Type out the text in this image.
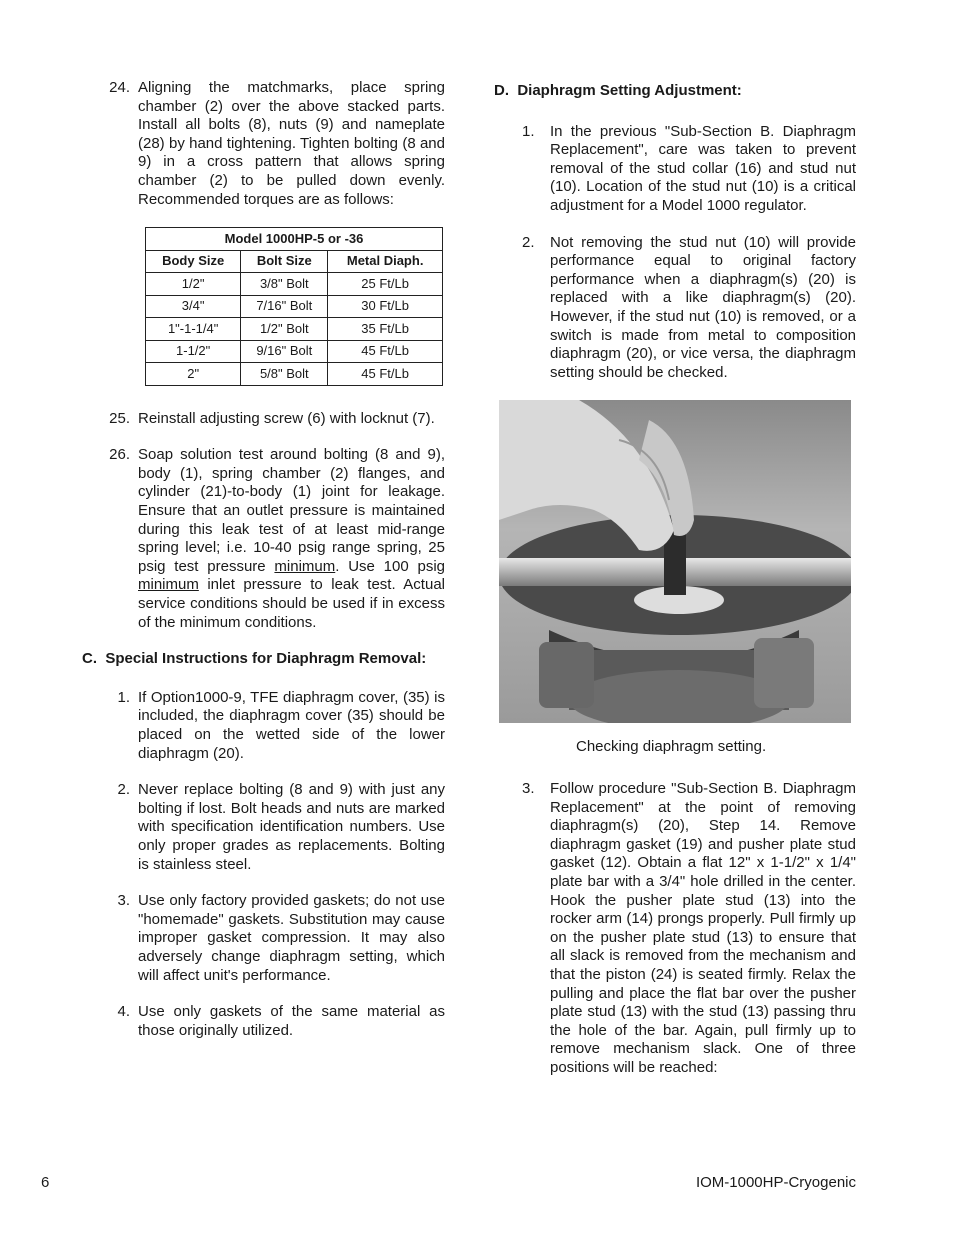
24. Aligning the matchmarks, place spring chamber (2) over the above stacked parts. Install all bolts (8), nuts (9) and nameplate (28) by hand tightening. Tighten bolting (8 and 9) in a cross pattern that allows spring chamber (2) to be pulled down evenly. Recommended torques are as follows:

Model 1000HP-5 or -36		
Body Size	Bolt Size	Metal Diaph.
1/2"	3/8" Bolt	25 Ft/Lb
3/4"	7/16" Bolt	30 Ft/Lb
1"-1-1/4"	1/2" Bolt	35 Ft/Lb
1-1/2"	9/16" Bolt	45 Ft/Lb
2"	5/8" Bolt	45 Ft/Lb
25. Reinstall adjusting screw (6) with locknut (7).

26. Soap solution test around bolting (8 and 9), body (1), spring chamber (2) flanges, and cylinder (21)-to-body (1) joint for leakage. Ensure that an outlet pressure is maintained during this leak test of at least mid-range spring level; i.e. 10-40 psig range spring, 25 psig test pressure minimum. Use 100 psig minimum inlet pressure to leak test. Actual service conditions should be used if in excess of the minimum conditions.

C. Special Instructions for Diaphragm Removal:
1. If Option1000-9, TFE diaphragm cover, (35) is included, the diaphragm cover (35) should be placed on the wetted side of the lower diaphragm (20).

2. Never replace bolting (8 and 9) with just any bolting if lost. Bolt heads and nuts are marked with specification identification numbers. Use only proper grades as replacements. Bolting is stainless steel.

3. Use only factory provided gaskets; do not use "homemade" gaskets. Substitution may cause improper gasket compression. It may also adversely change diaphragm setting, which will affect unit's performance.

4. Use only gaskets of the same material as those originally utilized.

D. Diaphragm Setting Adjustment:
1.	In the previous "Sub-Section B. Diaphragm Replacement", care was taken to prevent removal of the stud collar (16) and stud nut (10). Location of the stud nut (10) is a critical adjustment for a Model 1000 regulator.

2.	Not removing the stud nut (10) will provide performance equal to original factory performance when a diaphragm(s) (20) is replaced with a like diaphragm(s) (20). However, if the stud nut (10) is removed, or a switch is made from metal to composition diaphragm (20), or vice versa, the diaphragm setting should be checked.

Checking diaphragm setting.
3.	Follow procedure "Sub-Section B. Diaphragm Replacement" at the point of removing diaphragm(s) (20), Step 14. Remove diaphragm gasket (19) and pusher plate stud gasket (12). Obtain a flat 12" x 1-1/2" x 1/4" plate bar with a 3/4" hole drilled in the center. Hook the pusher plate stud (13) into the rocker arm (14) prongs properly. Pull firmly up on the pusher plate stud (13) to ensure that all slack is removed from the mechanism and that the piston (24) is seated firmly. Relax the pulling and place the flat bar over the pusher plate stud (13) with the stud (13) passing thru the hole of the bar. Again, pull firmly up to remove mechanism slack. One of three positions will be reached:

6	IOM-1000HP-Cryogenic
